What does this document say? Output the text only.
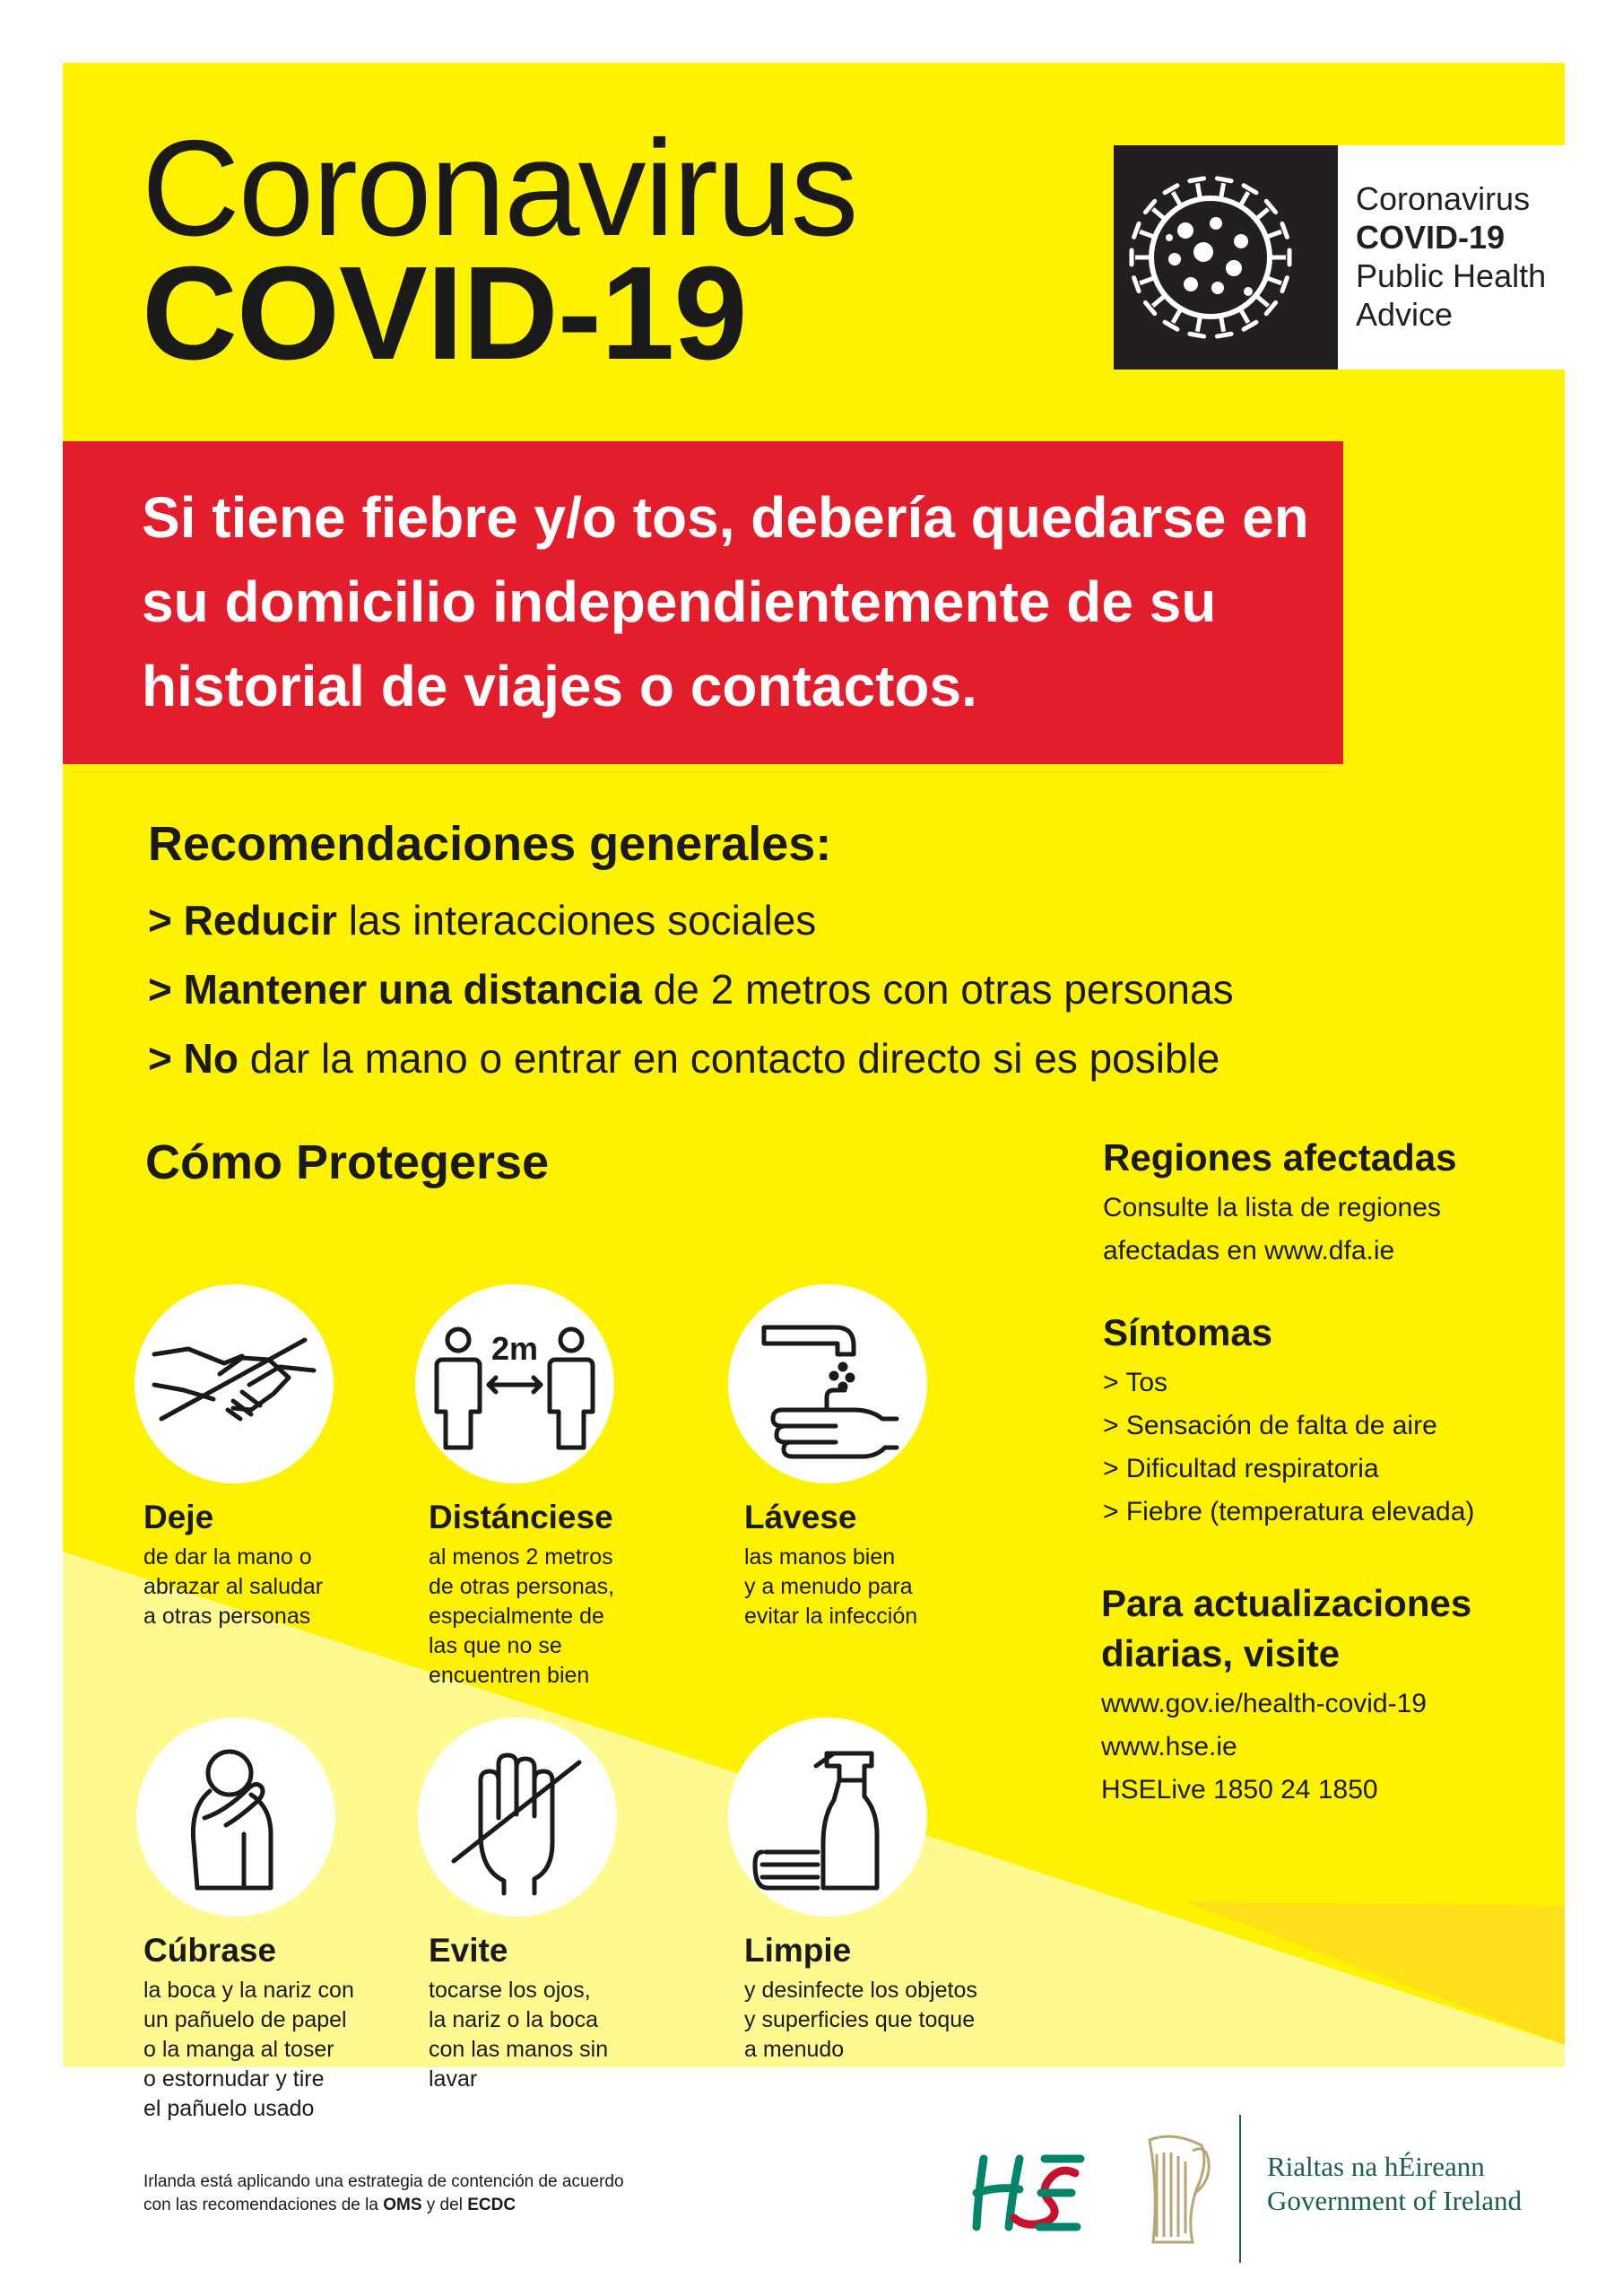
Coronavirus
COVID-19
Coronavirus
COVID-19
Public Health
Advice
Si tiene fiebre y/o tos, debería quedarse en su domicilio independientemente de su historial de viajes o contactos.
Recomendaciones generales:
> Reducir las interacciones sociales
> Mantener una distancia de 2 metros con otras personas
> No dar la mano o entrar en contacto directo si es posible
Cómo Protegerse
2m
Deje
de dar la mano o
abrazar al saludar
a otras personas
Distánciese
al menos 2 metros
de otras personas,
especialmente de
las que no se
encuentren bien
Lávese
las manos bien
y a menudo para
evitar la infección
Cúbrase
la boca y la nariz con
un pañuelo de papel
o la manga al toser
o estornudar y tire
el pañuelo usado
Evite
tocarse los ojos,
la nariz o la boca
con las manos sin
lavar
Limpie
y desinfecte los objetos
y superficies que toque
a menudo
Regiones afectadas
Consulte la lista de regiones
afectadas en www.dfa.ie
Síntomas
> Tos
> Sensación de falta de aire
> Dificultad respiratoria
> Fiebre (temperatura elevada)
Para actualizaciones
diarias, visite
www.gov.ie/health-covid-19
www.hse.ie
HSELive 1850 24 1850
Irlanda está aplicando una estrategia de contención de acuerdo
con las recomendaciones de la OMS y del ECDC
Rialtas na hÉireann
Government of Ireland
